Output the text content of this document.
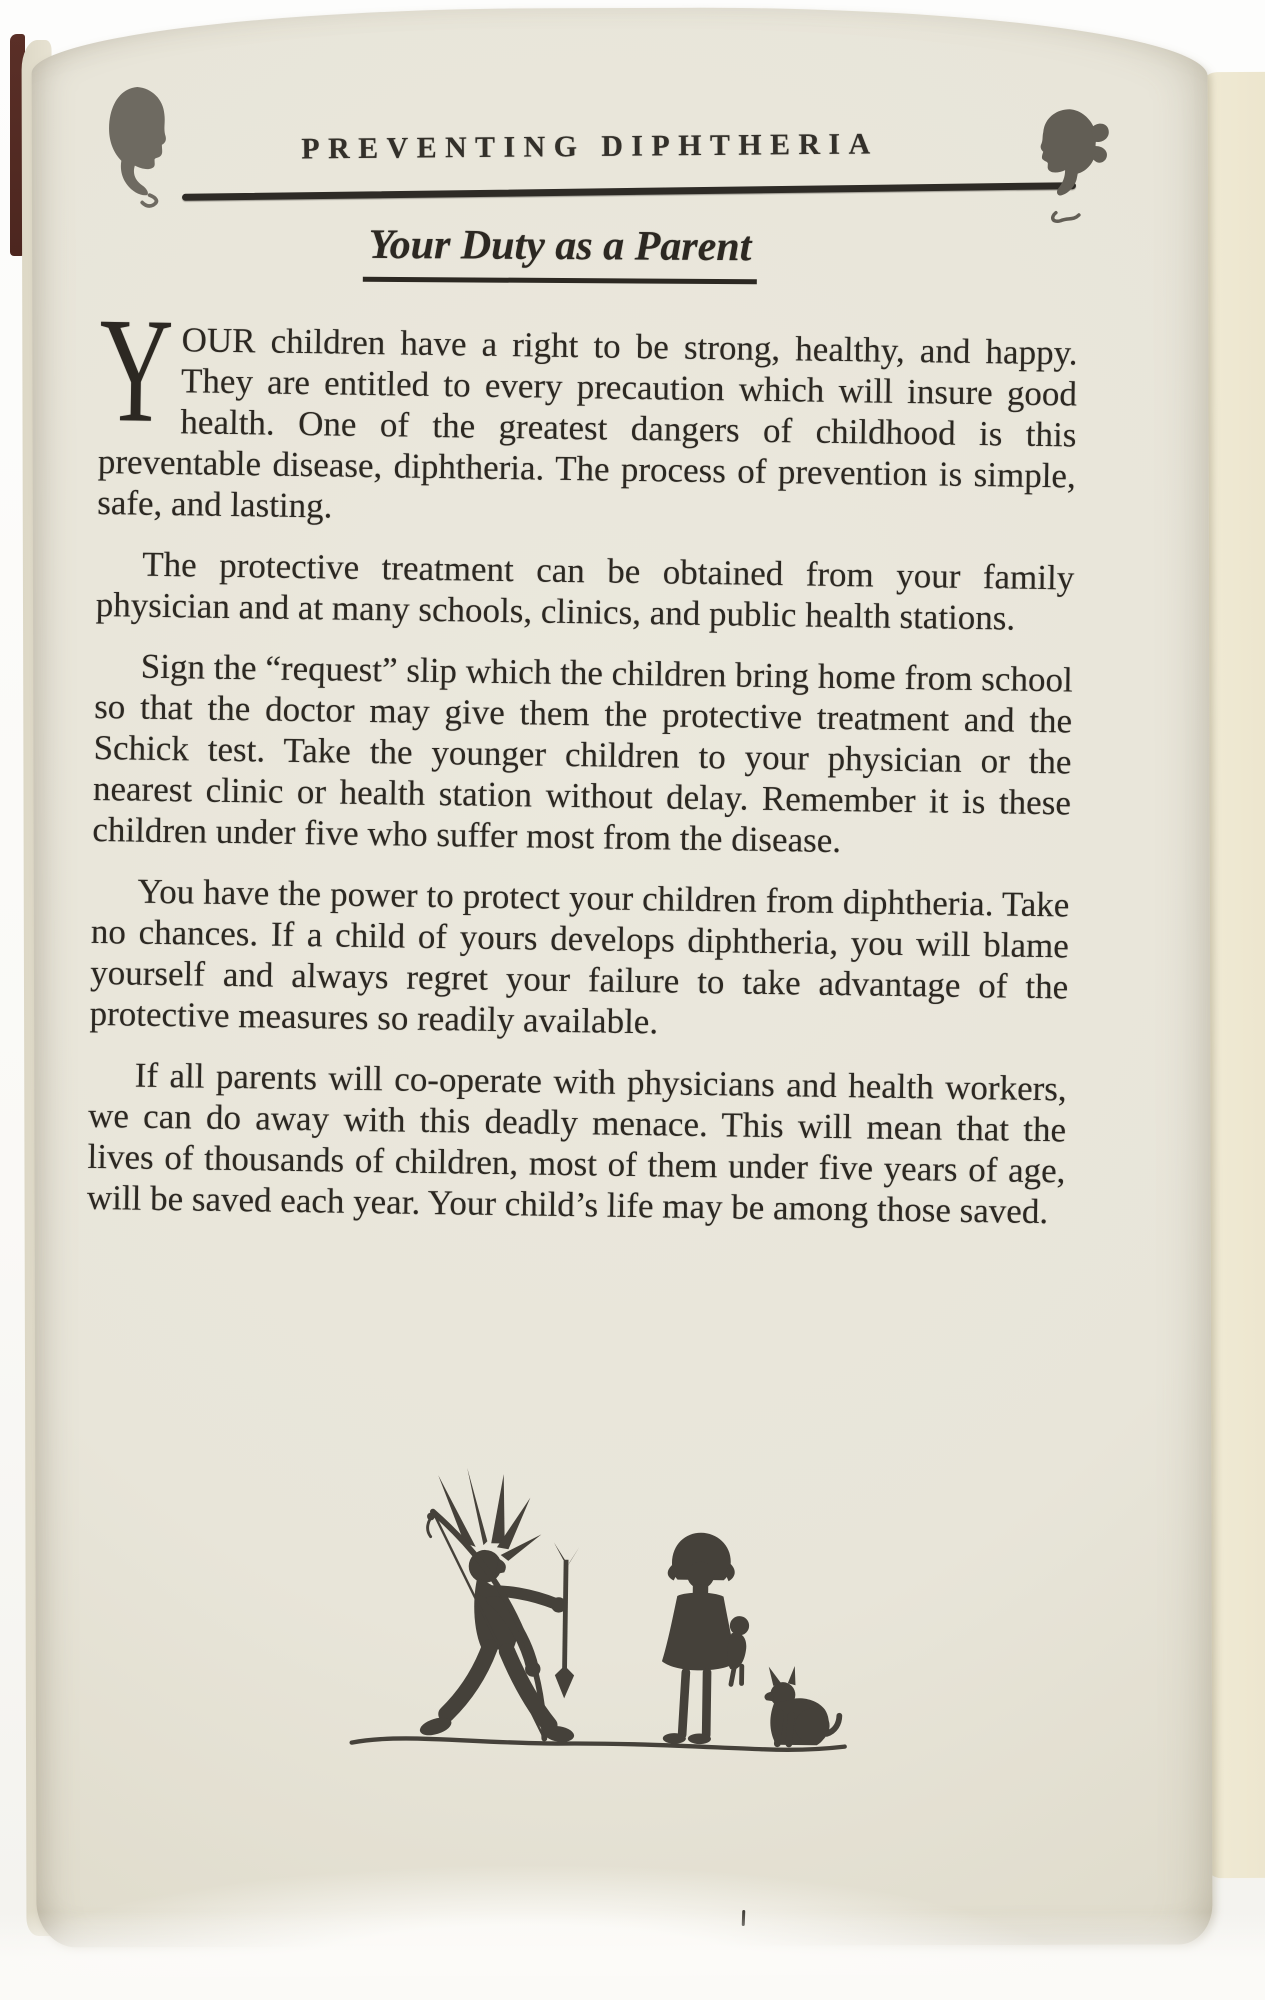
PREVENTING DIPHTHERIA
Your Duty as a Parent

YOUR children have a right to be strong, healthy, and happy. They are entitled to every precaution which will insure good health. One of the greatest dangers of childhood is this preventable disease, diphtheria. The process of prevention is simple, safe, and lasting.

The protective treatment can be obtained from your family physician and at many schools, clinics, and public health stations.

Sign the “request” slip which the children bring home from school so that the doctor may give them the protective treatment and the Schick test. Take the younger children to your physician or the nearest clinic or health station without delay. Remember it is these children under five who suffer most from the disease.

You have the power to protect your children from diphtheria. Take no chances. If a child of yours develops diphtheria, you will blame yourself and always regret your failure to take advantage of the protective measures so readily available.

If all parents will co-operate with physicians and health workers, we can do away with this deadly menace. This will mean that the lives of thousands of children, most of them under five years of age, will be saved each year. Your child’s life may be among those saved.
